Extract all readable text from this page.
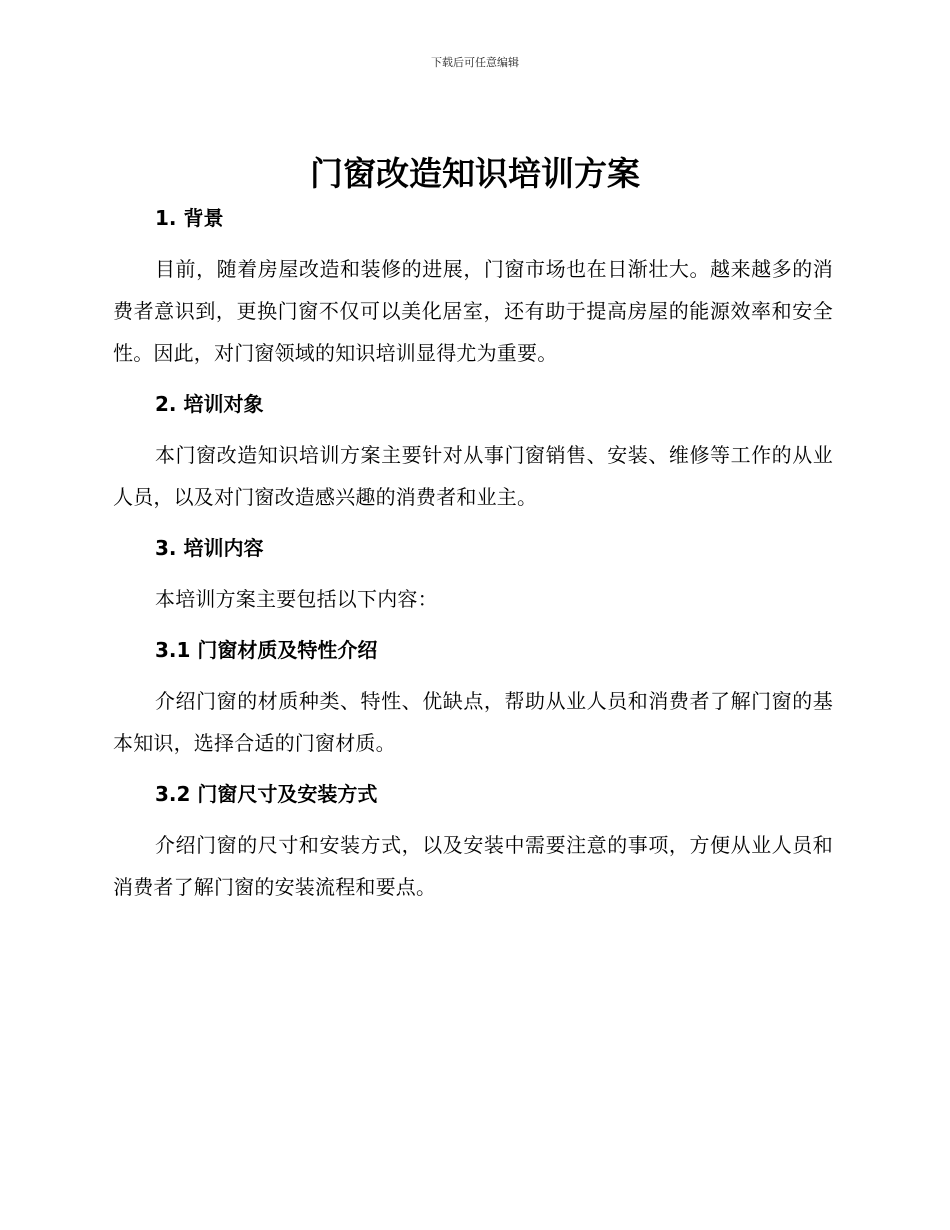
下载后可任意编辑
门窗改造知识培训方案
1. 背景

目前，随着房屋改造和装修的进展，门窗市场也在日渐壮大。越来越多的消费者意识到，更换门窗不仅可以美化居室，还有助于提高房屋的能源效率和安全性。因此，对门窗领域的知识培训显得尤为重要。

2. 培训对象

本门窗改造知识培训方案主要针对从事门窗销售、安装、维修等工作的从业人员，以及对门窗改造感兴趣的消费者和业主。

3. 培训内容

本培训方案主要包括以下内容：

3.1 门窗材质及特性介绍

介绍门窗的材质种类、特性、优缺点，帮助从业人员和消费者了解门窗的基本知识，选择合适的门窗材质。

3.2 门窗尺寸及安装方式

介绍门窗的尺寸和安装方式，以及安装中需要注意的事项，方便从业人员和消费者了解门窗的安装流程和要点。
